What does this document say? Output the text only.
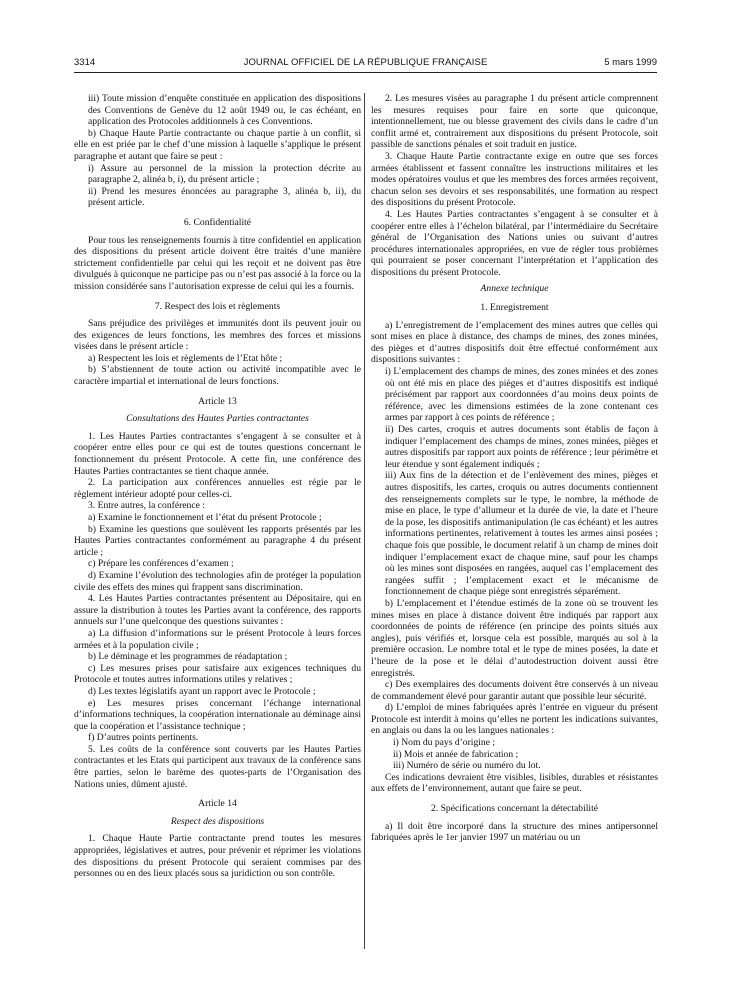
3314	JOURNAL OFFICIEL DE LA RÉPUBLIQUE FRANÇAISE	5 mars 1999

iii) Toute mission d’enquête constituée en application des dispositions des Conventions de Genève du 12 août 1949 ou, le cas échéant, en application des Protocoles additionnels à ces Conventions.

b) Chaque Haute Partie contractante ou chaque partie à un conflit, si elle en est priée par le chef d’une mission à laquelle s’applique le présent paragraphe et autant que faire se peut :

i) Assure au personnel de la mission la protection décrite au paragraphe 2, alinéa b, i), du présent article ;

ii) Prend les mesures énoncées au paragraphe 3, alinéa b, ii), du présent article.

6. Confidentialité

Pour tous les renseignements fournis à titre confidentiel en application des dispositions du présent article doivent être traités d’une manière strictement confidentielle par celui qui les reçoit et ne doivent pas être divulgués à quiconque ne participe pas ou n’est pas associé à la force ou la mission considérée sans l’autorisation expresse de celui qui les a fournis.

7. Respect des lois et règlements

Sans préjudice des privilèges et immunités dont ils peuvent jouir ou des exigences de leurs fonctions, les membres des forces et missions visées dans le présent article :

a) Respectent les lois et règlements de l’Etat hôte ;

b) S’abstiennent de toute action ou activité incompatible avec le caractère impartial et international de leurs fonctions.

Article 13

Consultations des Hautes Parties contractantes

1. Les Hautes Parties contractantes s’engagent à se consulter et à coopérer entre elles pour ce qui est de toutes questions concernant le fonctionnement du présent Protocole. A cette fin, une conférence des Hautes Parties contractantes se tient chaque année.

2. La participation aux conférences annuelles est régie par le règlement intérieur adopté pour celles-ci.

3. Entre autres, la conférence :

a) Examine le fonctionnement et l’état du présent Protocole ;

b) Examine les questions que soulèvent les rapports présentés par les Hautes Parties contractantes conformément au paragraphe 4 du présent article ;

c) Prépare les conférences d’examen ;

d) Examine l’évolution des technologies afin de protéger la population civile des effets des mines qui frappent sans discrimination.

4. Les Hautes Parties contractantes présentent au Dépositaire, qui en assure la distribution à toutes les Parties avant la conférence, des rapports annuels sur l’une quelconque des questions suivantes :

a) La diffusion d’informations sur le présent Protocole à leurs forces armées et à la population civile ;

b) Le déminage et les programmes de réadaptation ;

c) Les mesures prises pour satisfaire aux exigences techniques du Protocole et toutes autres informations utiles y relatives ;

d) Les textes législatifs ayant un rapport avec le Protocole ;

e) Les mesures prises concernant l’échange international d’informations techniques, la coopération internationale au déminage ainsi que la coopération et l’assistance technique ;

f) D’autres points pertinents.

5. Les coûts de la conférence sont couverts par les Hautes Parties contractantes et les Etats qui participent aux travaux de la conférence sans être parties, selon le barème des quotes-parts de l’Organisation des Nations unies, dûment ajusté.

Article 14

Respect des dispositions

1. Chaque Haute Partie contractante prend toutes les mesures appropriées, législatives et autres, pour prévenir et réprimer les violations des dispositions du présent Protocole qui seraient commises par des personnes ou en des lieux placés sous sa juridiction ou son contrôle.

2. Les mesures visées au paragraphe 1 du présent article comprennent les mesures requises pour faire en sorte que quiconque, intentionnellement, tue ou blesse gravement des civils dans le cadre d’un conflit armé et, contrairement aux dispositions du présent Protocole, soit passible de sanctions pénales et soit traduit en justice.

3. Chaque Haute Partie contractante exige en outre que ses forces armées établissent et fassent connaître les instructions militaires et les modes opératoires voulus et que les membres des forces armées reçoivent, chacun selon ses devoirs et ses responsabilités, une formation au respect des dispositions du présent Protocole.

4. Les Hautes Parties contractantes s’engagent à se consulter et à coopérer entre elles à l’échelon bilatéral, par l’intermédiaire du Secrétaire général de l’Organisation des Nations unies ou suivant d’autres procédures internationales appropriées, en vue de régler tous problèmes qui pourraient se poser concernant l’interprétation et l’application des dispositions du présent Protocole.

Annexe technique

1. Enregistrement

a) L’enregistrement de l’emplacement des mines autres que celles qui sont mises en place à distance, des champs de mines, des zones minées, des pièges et d’autres dispositifs doit être effectué conformément aux dispositions suivantes :

i) L’emplacement des champs de mines, des zones minées et des zones où ont été mis en place des pièges et d’autres dispositifs est indiqué précisément par rapport aux coordonnées d’au moins deux points de référence, avec les dimensions estimées de la zone contenant ces armes par rapport à ces points de référence ;

ii) Des cartes, croquis et autres documents sont établis de façon à indiquer l’emplacement des champs de mines, zones minées, pièges et autres dispositifs par rapport aux points de référence ; leur périmètre et leur étendue y sont également indiqués ;

iii) Aux fins de la détection et de l’enlèvement des mines, pièges et autres dispositifs, les cartes, croquis ou autres documents contiennent des renseignements complets sur le type, le nombre, la méthode de mise en place, le type d’allumeur et la durée de vie, la date et l’heure de la pose, les dispositifs antimanipulation (le cas échéant) et les autres informations pertinentes, relativement à toutes les armes ainsi posées ; chaque fois que possible, le document relatif à un champ de mines doit indiquer l’emplacement exact de chaque mine, sauf pour les champs où les mines sont disposées en rangées, auquel cas l’emplacement des rangées suffit ; l’emplacement exact et le mécanisme de fonctionnement de chaque piège sont enregistrés séparément.

b) L’emplacement et l’étendue estimés de la zone où se trouvent les mines mises en place à distance doivent être indiqués par rapport aux coordonnées de points de référence (en principe des points situés aux angles), puis vérifiés et, lorsque cela est possible, marqués au sol à la première occasion. Le nombre total et le type de mines posées, la date et l’heure de la pose et le délai d’autodestruction doivent aussi être enregistrés.

c) Des exemplaires des documents doivent être conservés à un niveau de commandement élevé pour garantir autant que possible leur sécurité.

d) L’emploi de mines fabriquées après l’entrée en vigueur du présent Protocole est interdit à moins qu’elles ne portent les indications suivantes, en anglais ou dans la ou les langues nationales :

i) Nom du pays d’origine ;

ii) Mois et année de fabrication ;

iii) Numéro de série ou numéro du lot.

Ces indications devraient être visibles, lisibles, durables et résistantes aux effets de l’environnement, autant que faire se peut.

2. Spécifications concernant la détectabilité

a) Il doit être incorporé dans la structure des mines antipersonnel fabriquées après le 1er janvier 1997 un matériau ou un
